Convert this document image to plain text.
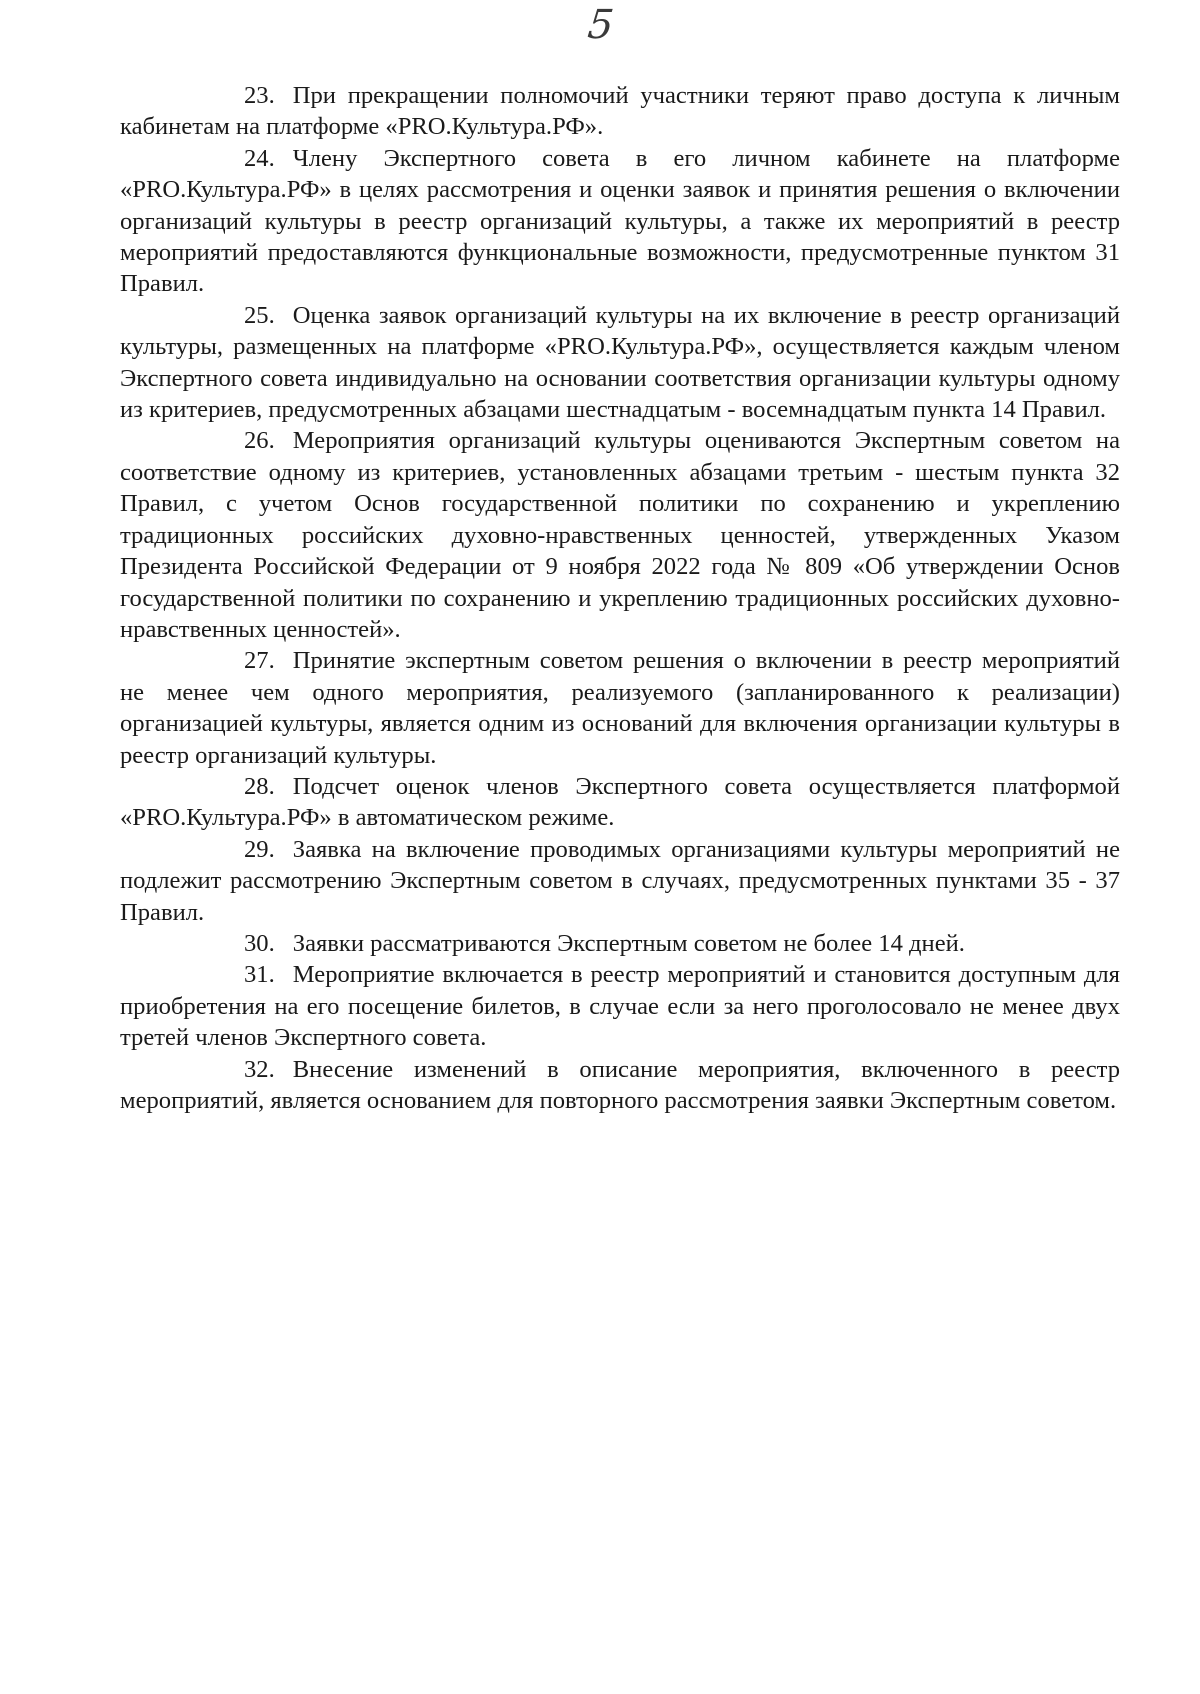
5

23. При прекращении полномочий участники теряют право доступа к личным кабинетам на платформе «PRO.Культура.РФ».

24. Члену Экспертного совета в его личном кабинете на платформе «PRO.Культура.РФ» в целях рассмотрения и оценки заявок и принятия решения о включении организаций культуры в реестр организаций культуры, а также их мероприятий в реестр мероприятий предоставляются функциональные возможности, предусмотренные пунктом 31 Правил.

25. Оценка заявок организаций культуры на их включение в реестр организаций культуры, размещенных на платформе «PRO.Культура.РФ», осуществляется каждым членом Экспертного совета индивидуально на основании соответствия организации культуры одному из критериев, предусмотренных абзацами шестнадцатым - восемнадцатым пункта 14 Правил.

26. Мероприятия организаций культуры оцениваются Экспертным советом на соответствие одному из критериев, установленных абзацами третьим - шестым пункта 32 Правил, с учетом Основ государственной политики по сохранению и укреплению традиционных российских духовно-нравственных ценностей, утвержденных Указом Президента Российской Федерации от 9 ноября 2022 года № 809 «Об утверждении Основ государственной политики по сохранению и укреплению традиционных российских духовно-нравственных ценностей».

27. Принятие экспертным советом решения о включении в реестр мероприятий не менее чем одного мероприятия, реализуемого (запланированного к реализации) организацией культуры, является одним из оснований для включения организации культуры в реестр организаций культуры.

28. Подсчет оценок членов Экспертного совета осуществляется платформой «PRO.Культура.РФ» в автоматическом режиме.

29. Заявка на включение проводимых организациями культуры мероприятий не подлежит рассмотрению Экспертным советом в случаях, предусмотренных пунктами 35 - 37 Правил.

30. Заявки рассматриваются Экспертным советом не более 14 дней.

31. Мероприятие включается в реестр мероприятий и становится доступным для приобретения на его посещение билетов, в случае если за него проголосовало не менее двух третей членов Экспертного совета.

32. Внесение изменений в описание мероприятия, включенного в реестр мероприятий, является основанием для повторного рассмотрения заявки Экспертным советом.
